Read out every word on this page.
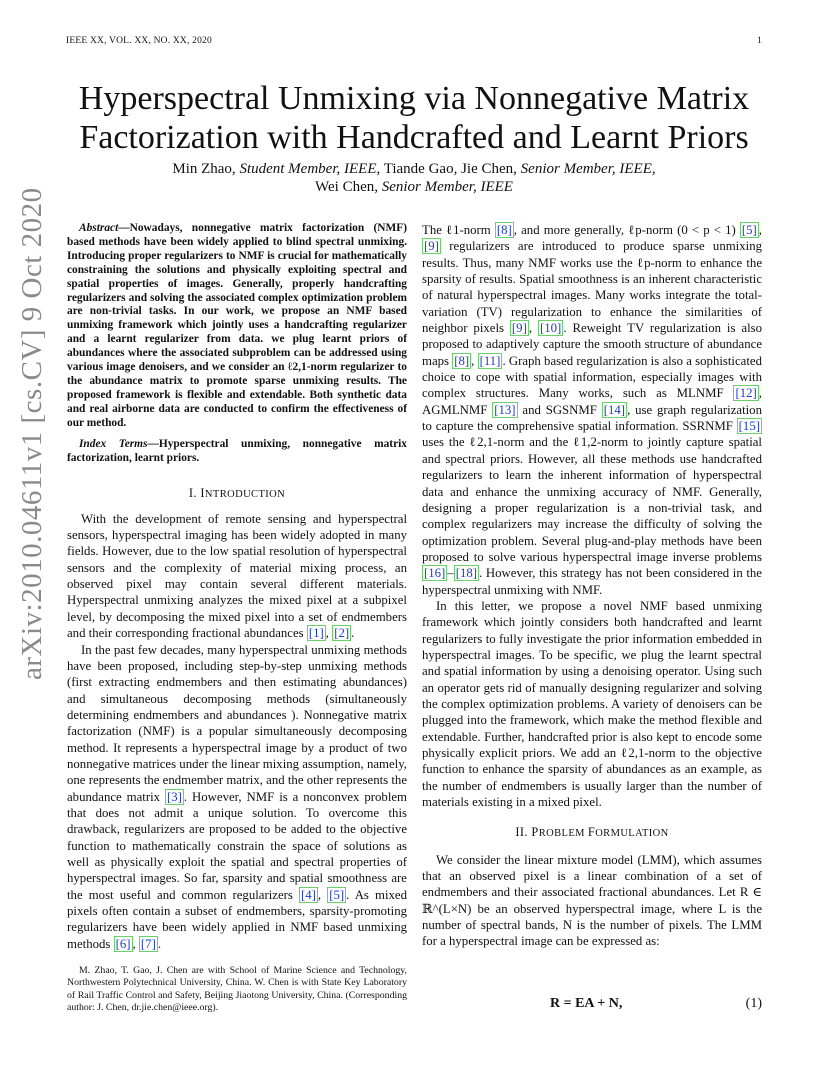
IEEE XX, VOL. XX, NO. XX, 2020	1
arXiv:2010.04611v1 [cs.CV] 9 Oct 2020
Hyperspectral Unmixing via Nonnegative Matrix Factorization with Handcrafted and Learnt Priors
Min Zhao, Student Member, IEEE, Tiande Gao, Jie Chen, Senior Member, IEEE,
Wei Chen, Senior Member, IEEE

Abstract—Nowadays, nonnegative matrix factorization (NMF) based methods have been widely applied to blind spectral unmixing. Introducing proper regularizers to NMF is crucial for mathematically constraining the solutions and physically exploiting spectral and spatial properties of images. Generally, properly handcrafting regularizers and solving the associated complex optimization problem are non-trivial tasks. In our work, we propose an NMF based unmixing framework which jointly uses a handcrafting regularizer and a learnt regularizer from data. we plug learnt priors of abundances where the associated subproblem can be addressed using various image denoisers, and we consider an ℓ2,1-norm regularizer to the abundance matrix to promote sparse unmixing results. The proposed framework is flexible and extendable. Both synthetic data and real airborne data are conducted to confirm the effectiveness of our method.

Index Terms—Hyperspectral unmixing, nonnegative matrix factorization, learnt priors.

I. INTRODUCTION

With the development of remote sensing and hyperspectral sensors, hyperspectral imaging has been widely adopted in many fields. However, due to the low spatial resolution of hyperspectral sensors and the complexity of material mixing process, an observed pixel may contain several different materials. Hyperspectral unmixing analyzes the mixed pixel at a subpixel level, by decomposing the mixed pixel into a set of endmembers and their corresponding fractional abundances [1] , [2] .

In the past few decades, many hyperspectral unmixing methods have been proposed, including step-by-step unmixing methods (first extracting endmembers and then estimating abundances) and simultaneous decomposing methods (simultaneously determining endmembers and abundances ). Nonnegative matrix factorization (NMF) is a popular simultaneously decomposing method. It represents a hyperspectral image by a product of two nonnegative matrices under the linear mixing assumption, namely, one represents the endmember matrix, and the other represents the abundance matrix [3] . However, NMF is a nonconvex problem that does not admit a unique solution. To overcome this drawback, regularizers are proposed to be added to the objective function to mathematically constrain the space of solutions as well as physically exploit the spatial and spectral properties of hyperspectral images. So far, sparsity and spatial smoothness are the most useful and common regularizers [4] , [5] . As mixed pixels often contain a subset of endmembers, sparsity-promoting regularizers have been widely applied in NMF based unmixing methods [6] , [7] .

M. Zhao, T. Gao, J. Chen are with School of Marine Science and Technology, Northwestern Polytechnical University, China. W. Chen is with State Key Laboratory of Rail Traffic Control and Safety, Beijing Jiaotong University, China. (Corresponding author: J. Chen, dr.jie.chen@ieee.org).

The ℓ1-norm [8] , and more generally, ℓp-norm (0 < p < 1) [5] , [9] regularizers are introduced to produce sparse unmixing results. Thus, many NMF works use the ℓp-norm to enhance the sparsity of results. Spatial smoothness is an inherent characteristic of natural hyperspectral images. Many works integrate the total-variation (TV) regularization to enhance the similarities of neighbor pixels [9] , [10] . Reweight TV regularization is also proposed to adaptively capture the smooth structure of abundance maps [8] , [11] . Graph based regularization is also a sophisticated choice to cope with spatial information, especially images with complex structures. Many works, such as MLNMF [12] , AGMLNMF [13] and SGSNMF [14] , use graph regularization to capture the comprehensive spatial information. SSRNMF [15] uses the ℓ2,1-norm and the ℓ1,2-norm to jointly capture spatial and spectral priors. However, all these methods use handcrafted regularizers to learn the inherent information of hyperspectral data and enhance the unmixing accuracy of NMF. Generally, designing a proper regularization is a non-trivial task, and complex regularizers may increase the difficulty of solving the optimization problem. Several plug-and-play methods have been proposed to solve various hyperspectral image inverse problems [16] – [18] . However, this strategy has not been considered in the hyperspectral unmixing with NMF.

In this letter, we propose a novel NMF based unmixing framework which jointly considers both handcrafted and learnt regularizers to fully investigate the prior information embedded in hyperspectral images. To be specific, we plug the learnt spectral and spatial information by using a denoising operator. Using such an operator gets rid of manually designing regularizer and solving the complex optimization problems. A variety of denoisers can be plugged into the framework, which make the method flexible and extendable. Further, handcrafted prior is also kept to encode some physically explicit priors. We add an ℓ2,1-norm to the objective function to enhance the sparsity of abundances as an example, as the number of endmembers is usually larger than the number of materials existing in a mixed pixel.

II. PROBLEM FORMULATION

We consider the linear mixture model (LMM), which assumes that an observed pixel is a linear combination of a set of endmembers and their associated fractional abundances. Let R ∈ ℝ^(L×N) be an observed hyperspectral image, where L is the number of spectral bands, N is the number of pixels. The LMM for a hyperspectral image can be expressed as:

R = EA + N,	(1)
